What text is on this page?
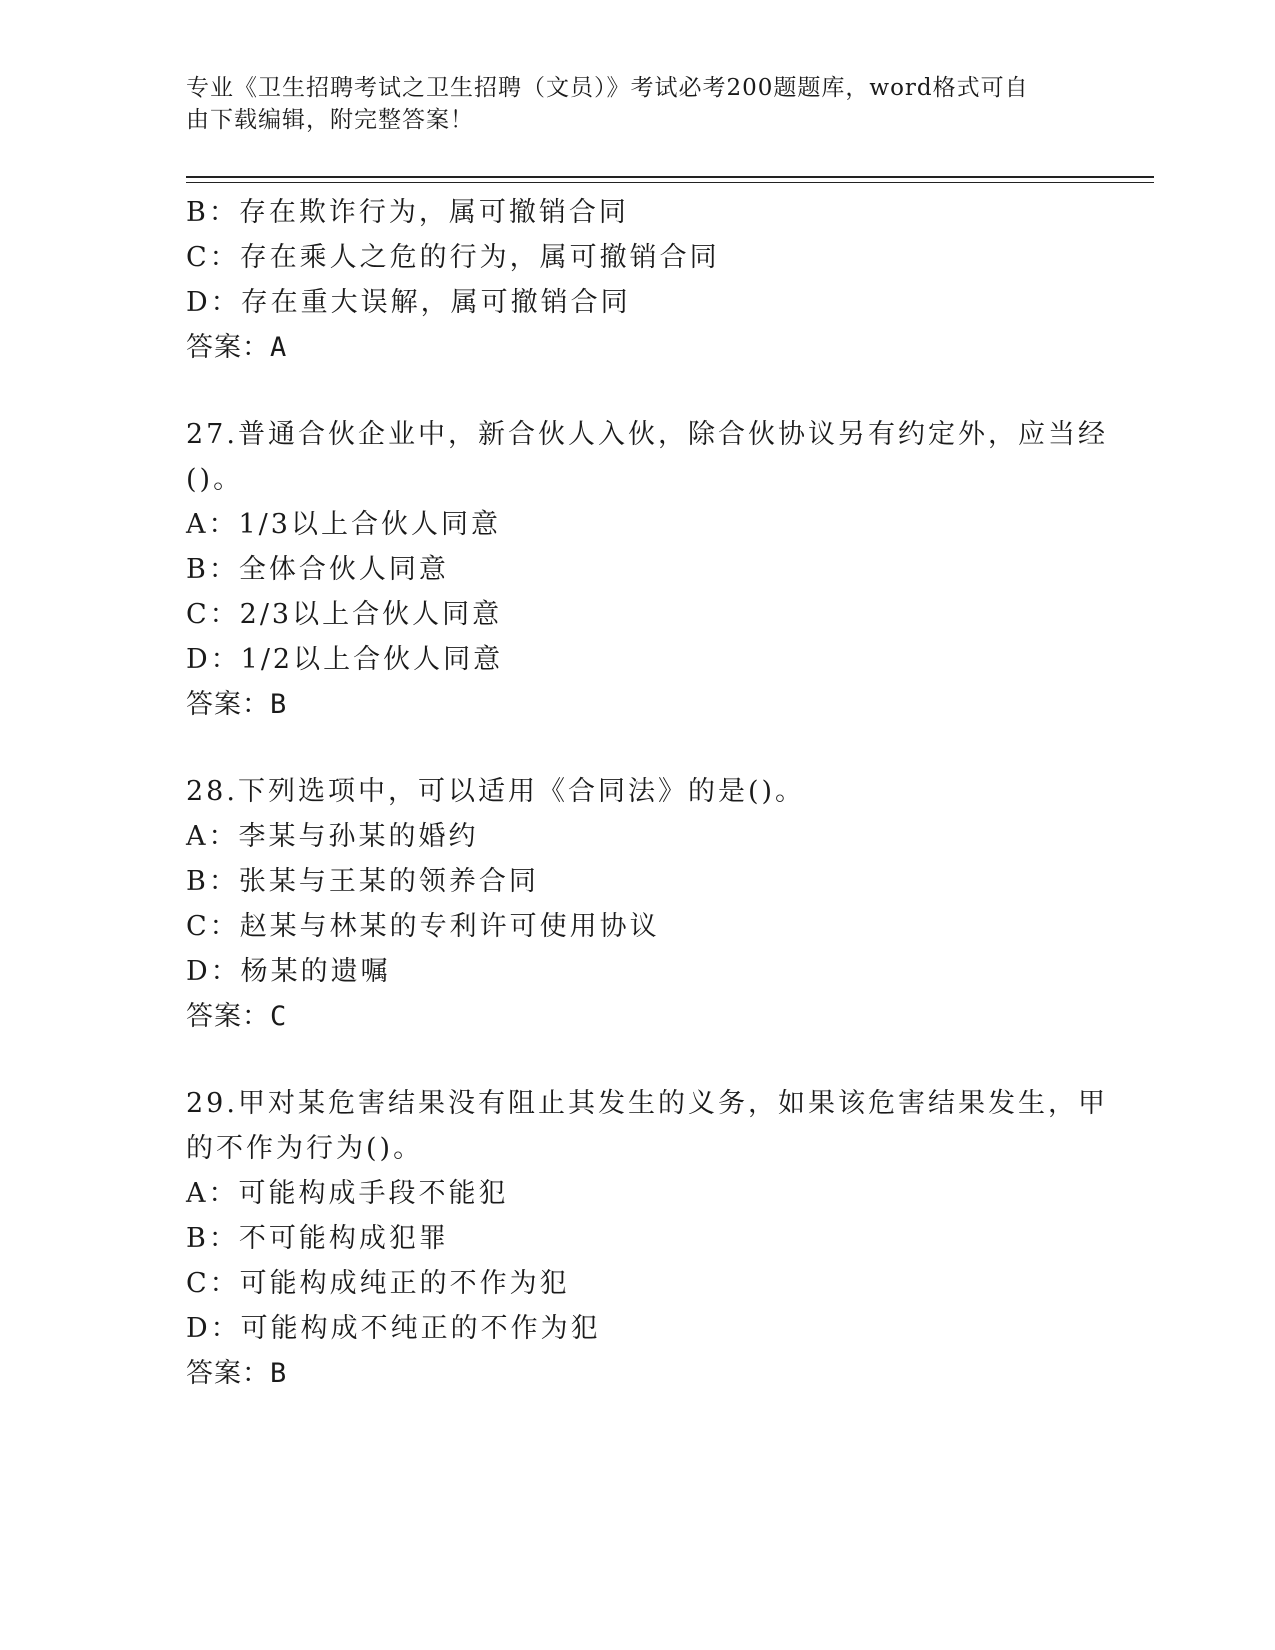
专业《卫生招聘考试之卫生招聘（文员）》考试必考200题题库，word格式可自
由下载编辑，附完整答案！
B：存在欺诈行为，属可撤销合同
C：存在乘人之危的行为，属可撤销合同
D：存在重大误解，属可撤销合同
答案：A
27.普通合伙企业中，新合伙人入伙，除合伙协议另有约定外，应当经
()。
A：1/3以上合伙人同意
B：全体合伙人同意
C：2/3以上合伙人同意
D：1/2以上合伙人同意
答案：B
28.下列选项中，可以适用《合同法》的是()。
A：李某与孙某的婚约
B：张某与王某的领养合同
C：赵某与林某的专利许可使用协议
D：杨某的遗嘱
答案：C
29.甲对某危害结果没有阻止其发生的义务，如果该危害结果发生，甲
的不作为行为()。
A：可能构成手段不能犯
B：不可能构成犯罪
C：可能构成纯正的不作为犯
D：可能构成不纯正的不作为犯
答案：B
